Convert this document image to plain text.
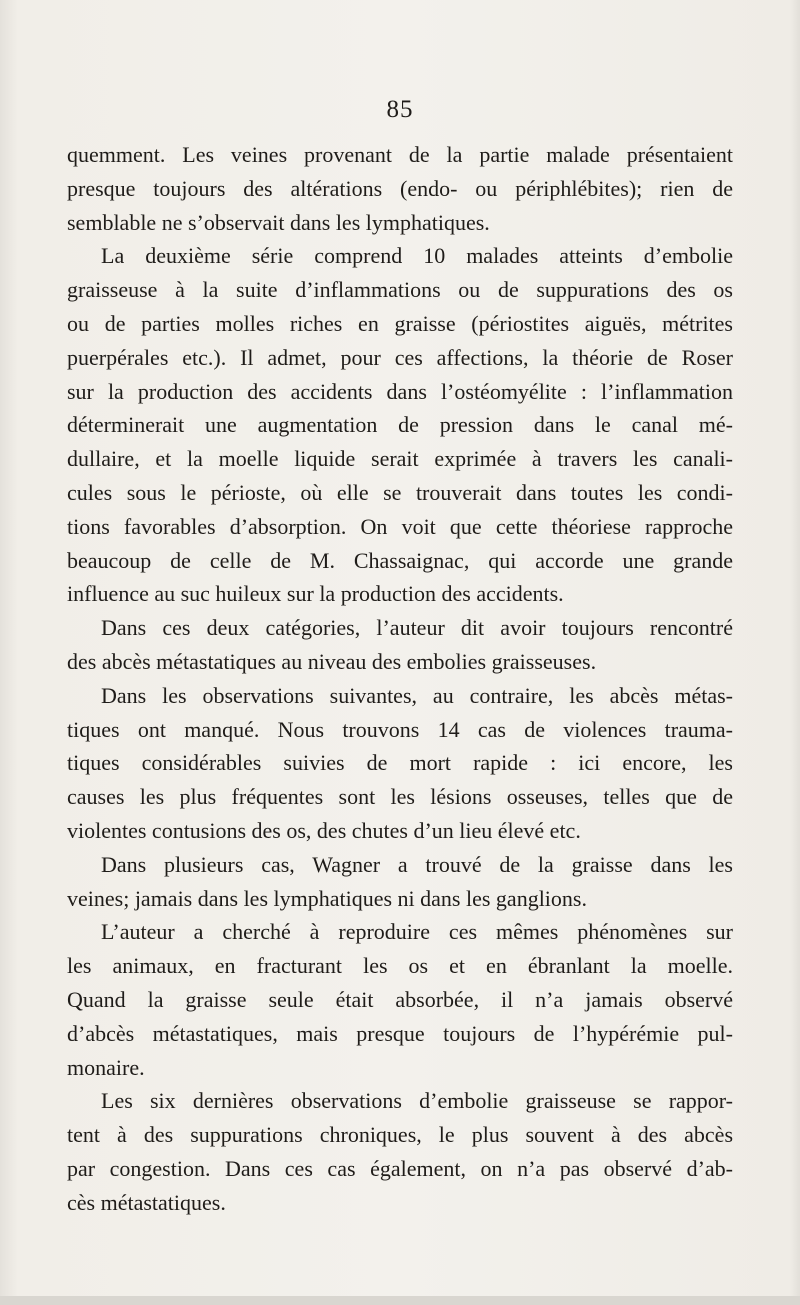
85
quemment. Les veines provenant de la partie malade présentaient
presque toujours des altérations (endo- ou périphlébites); rien de
semblable ne s’observait dans les lymphatiques.
La deuxième série comprend 10 malades atteints d’embolie
graisseuse à la suite d’inflammations ou de suppurations des os
ou de parties molles riches en graisse (périostites aiguës, métrites
puerpérales etc.). Il admet, pour ces affections, la théorie de Roser
sur la production des accidents dans l’ostéomyélite : l’inflammation
déterminerait une augmentation de pression dans le canal mé-
dullaire, et la moelle liquide serait exprimée à travers les canali-
cules sous le périoste, où elle se trouverait dans toutes les condi-
tions favorables d’absorption. On voit que cette théoriese rapproche
beaucoup de celle de M. Chassaignac, qui accorde une grande
influence au suc huileux sur la production des accidents.
Dans ces deux catégories, l’auteur dit avoir toujours rencontré
des abcès métastatiques au niveau des embolies graisseuses.
Dans les observations suivantes, au contraire, les abcès métas-
tiques ont manqué. Nous trouvons 14 cas de violences trauma-
tiques considérables suivies de mort rapide : ici encore, les
causes les plus fréquentes sont les lésions osseuses, telles que de
violentes contusions des os, des chutes d’un lieu élevé etc.
Dans plusieurs cas, Wagner a trouvé de la graisse dans les
veines; jamais dans les lymphatiques ni dans les ganglions.
L’auteur a cherché à reproduire ces mêmes phénomènes sur
les animaux, en fracturant les os et en ébranlant la moelle.
Quand la graisse seule était absorbée, il n’a jamais observé
d’abcès métastatiques, mais presque toujours de l’hypérémie pul-
monaire.
Les six dernières observations d’embolie graisseuse se rappor-
tent à des suppurations chroniques, le plus souvent à des abcès
par congestion. Dans ces cas également, on n’a pas observé d’ab-
cès métastatiques.
